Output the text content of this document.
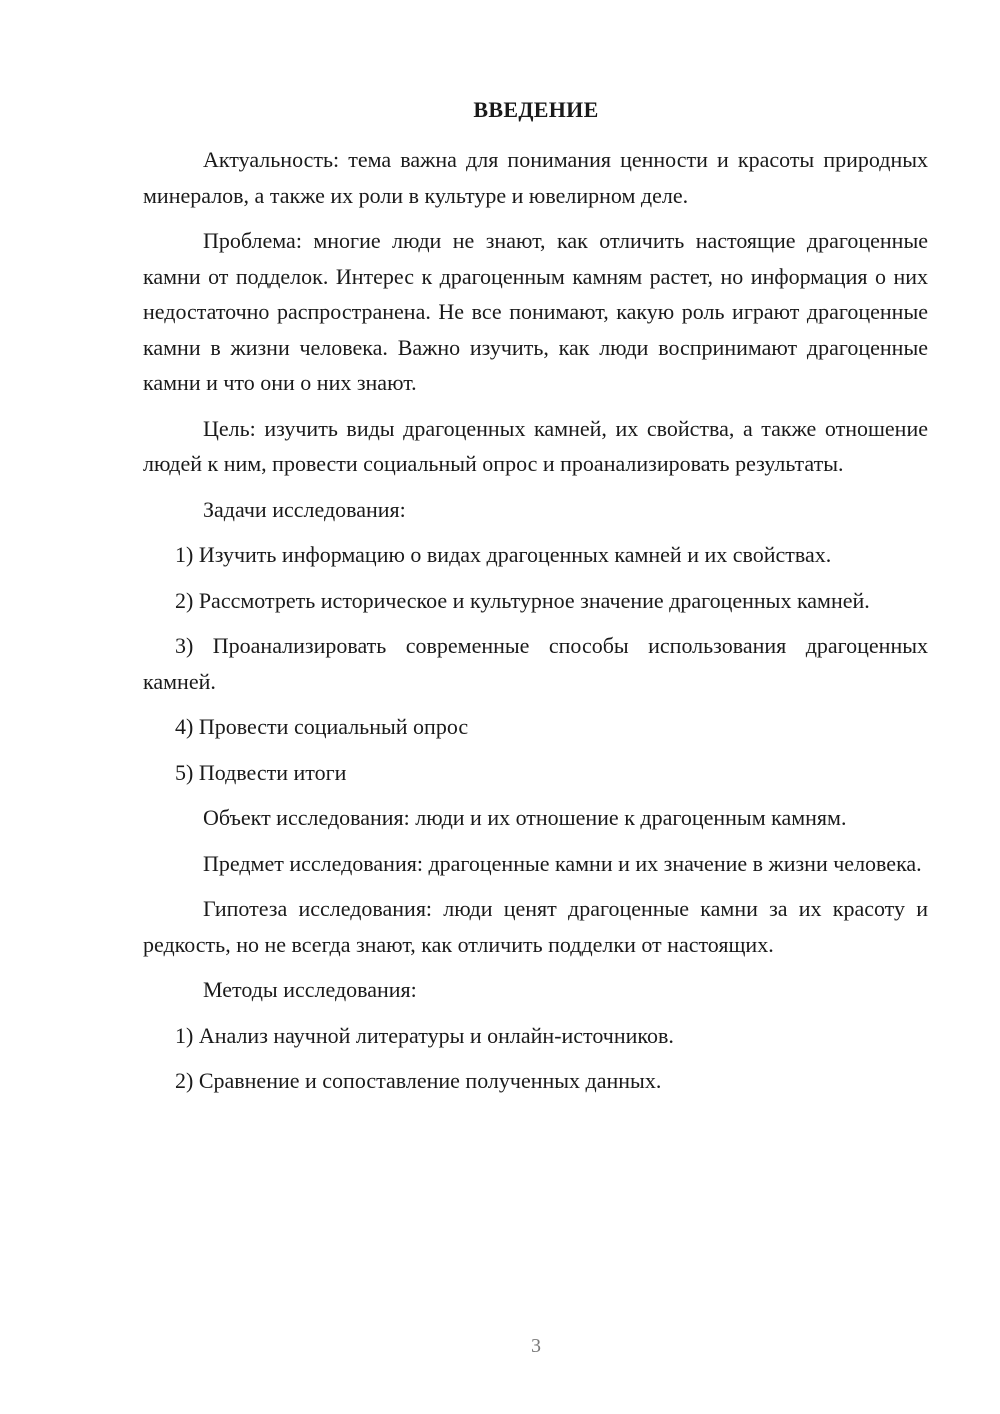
ВВЕДЕНИЕ

Актуальность: тема важна для понимания ценности и красоты природных минералов, а также их роли в культуре и ювелирном деле.

Проблема: многие люди не знают, как отличить настоящие драгоценные камни от подделок. Интерес к драгоценным камням растет, но информация о них недостаточно распространена. Не все понимают, какую роль играют драгоценные камни в жизни человека. Важно изучить, как люди воспринимают драгоценные камни и что они о них знают.

Цель: изучить виды драгоценных камней, их свойства, а также отношение людей к ним, провести социальный опрос и проанализировать результаты.

Задачи исследования:

1) Изучить информацию о видах драгоценных камней и их свойствах.

2) Рассмотреть историческое и культурное значение драгоценных камней.

3) Проанализировать современные способы использования драгоценных камней.

4) Провести социальный опрос

5) Подвести итоги

Объект исследования: люди и их отношение к драгоценным камням.

Предмет исследования: драгоценные камни и их значение в жизни человека.

Гипотеза исследования: люди ценят драгоценные камни за их красоту и редкость, но не всегда знают, как отличить подделки от настоящих.

Методы исследования:

1) Анализ научной литературы и онлайн-источников.

2) Сравнение и сопоставление полученных данных.

3
